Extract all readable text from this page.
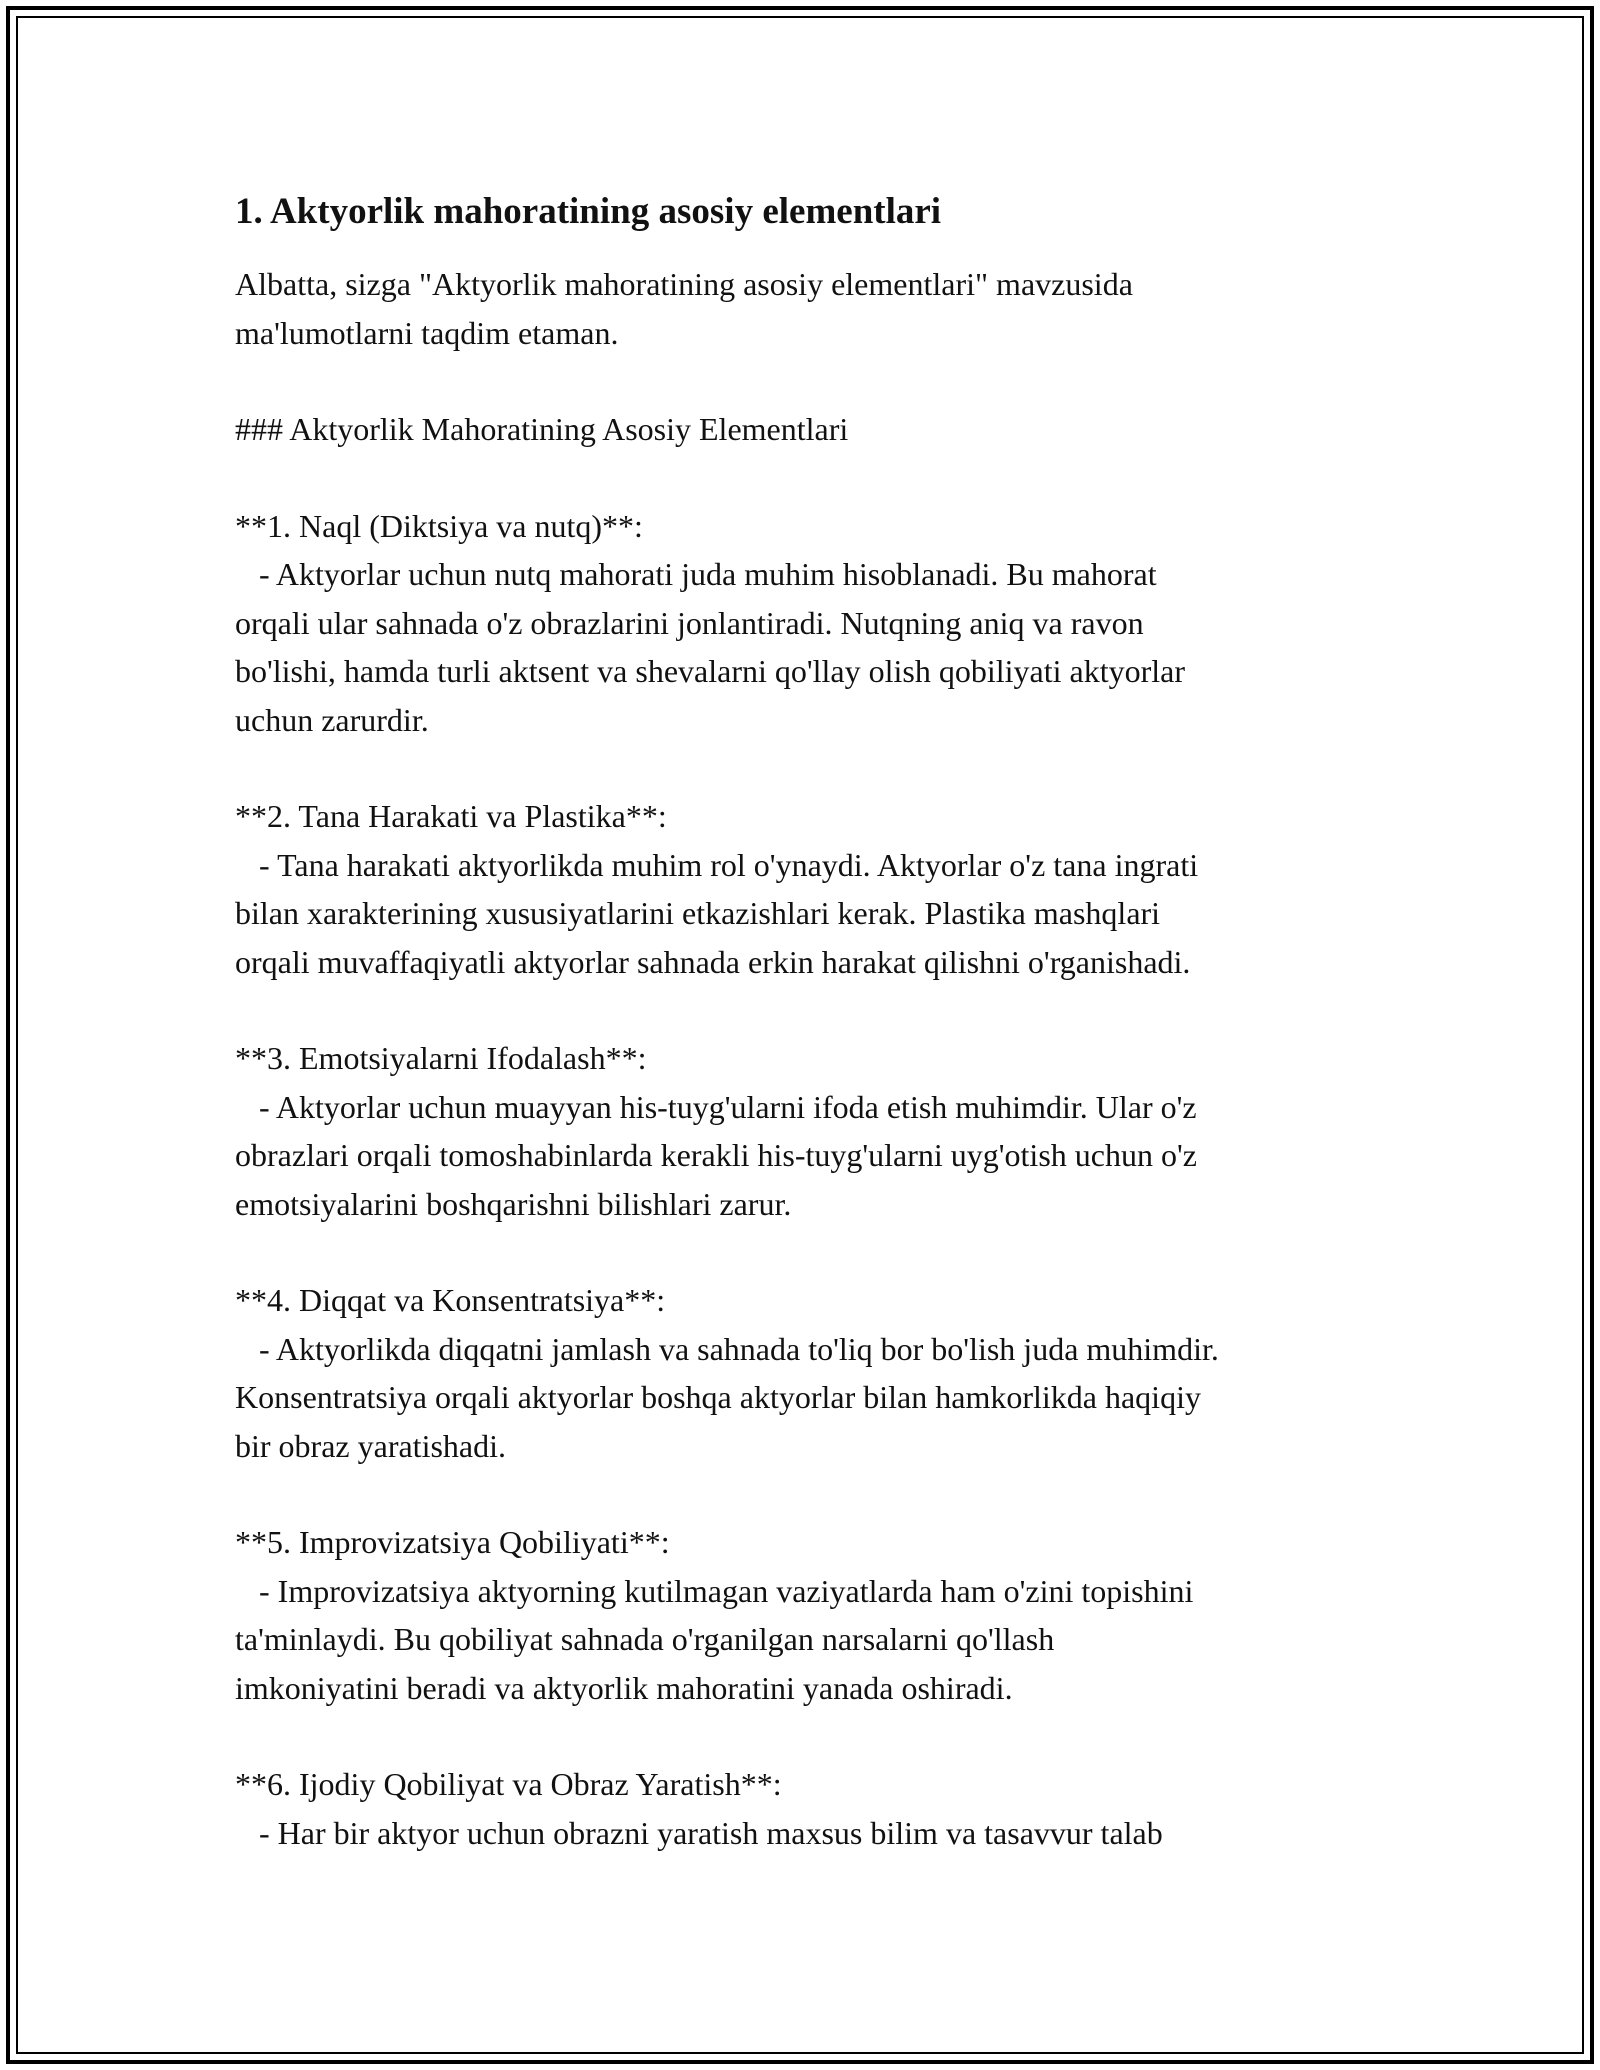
1. Aktyorlik mahoratining asosiy elementlari

Albatta, sizga "Aktyorlik mahoratining asosiy elementlari" mavzusida
ma'lumotlarni taqdim etaman.

### Aktyorlik Mahoratining Asosiy Elementlari

**1. Naql (Diktsiya va nutq)**:

- Aktyorlar uchun nutq mahorati juda muhim hisoblanadi. Bu mahorat
orqali ular sahnada o'z obrazlarini jonlantiradi. Nutqning aniq va ravon
bo'lishi, hamda turli aktsent va shevalarni qo'llay olish qobiliyati aktyorlar
uchun zarurdir.

**2. Tana Harakati va Plastika**:

- Tana harakati aktyorlikda muhim rol o'ynaydi. Aktyorlar o'z tana ingrati
bilan xarakterining xususiyatlarini etkazishlari kerak. Plastika mashqlari
orqali muvaffaqiyatli aktyorlar sahnada erkin harakat qilishni o'rganishadi.

**3. Emotsiyalarni Ifodalash**:

- Aktyorlar uchun muayyan his-tuyg'ularni ifoda etish muhimdir. Ular o'z
obrazlari orqali tomoshabinlarda kerakli his-tuyg'ularni uyg'otish uchun o'z
emotsiyalarini boshqarishni bilishlari zarur.

**4. Diqqat va Konsentratsiya**:

- Aktyorlikda diqqatni jamlash va sahnada to'liq bor bo'lish juda muhimdir.
Konsentratsiya orqali aktyorlar boshqa aktyorlar bilan hamkorlikda haqiqiy
bir obraz yaratishadi.

**5. Improvizatsiya Qobiliyati**:

- Improvizatsiya aktyorning kutilmagan vaziyatlarda ham o'zini topishini
ta'minlaydi. Bu qobiliyat sahnada o'rganilgan narsalarni qo'llash
imkoniyatini beradi va aktyorlik mahoratini yanada oshiradi.

**6. Ijodiy Qobiliyat va Obraz Yaratish**:

- Har bir aktyor uchun obrazni yaratish maxsus bilim va tasavvur talab
